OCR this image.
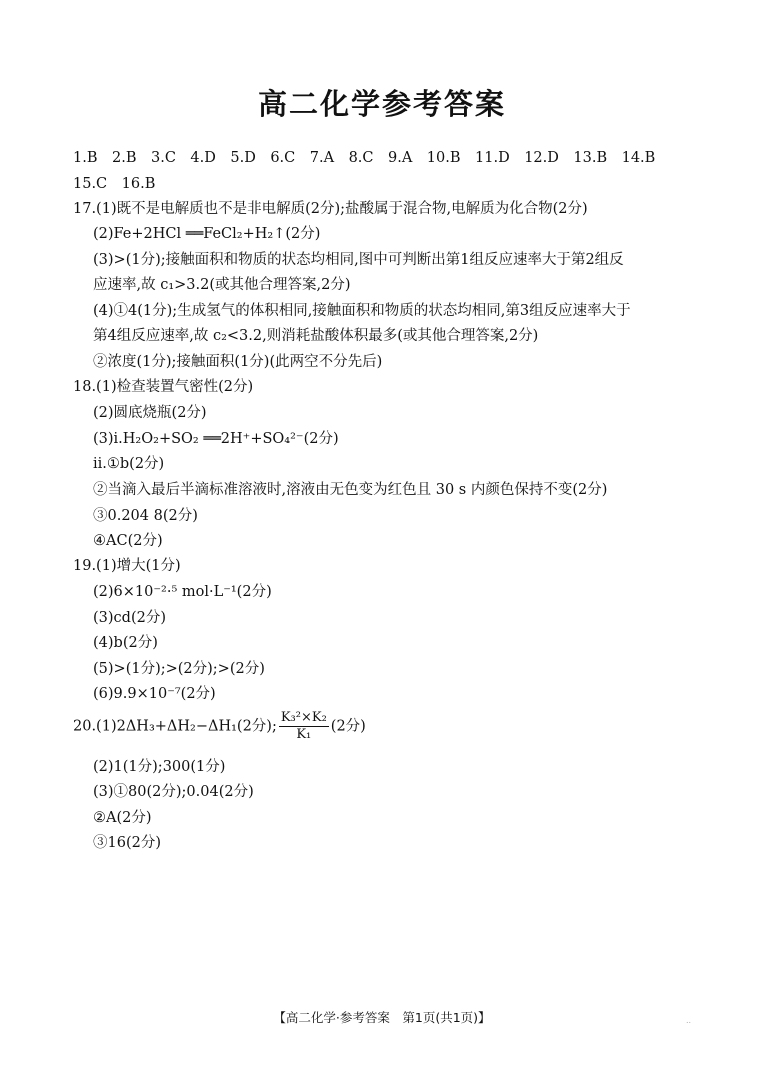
高二化学参考答案
1.B　2.B　3.C　4.D　5.D　6.C　7.A　8.C　9.A　10.B　11.D　12.D　13.B　14.B
15.C　16.B
17.(1)既不是电解质也不是非电解质(2分);盐酸属于混合物,电解质为化合物(2分)
(2)Fe+2HCl ══FeCl₂+H₂↑(2分)
(3)>(1分);接触面积和物质的状态均相同,图中可判断出第1组反应速率大于第2组反
应速率,故 c₁>3.2(或其他合理答案,2分)
(4)①4(1分);生成氢气的体积相同,接触面积和物质的状态均相同,第3组反应速率大于
第4组反应速率,故 c₂<3.2,则消耗盐酸体积最多(或其他合理答案,2分)
②浓度(1分);接触面积(1分)(此两空不分先后)
18.(1)检查装置气密性(2分)
(2)圆底烧瓶(2分)
(3)ⅰ.H₂O₂+SO₂ ══2H⁺+SO₄²⁻(2分)
ⅱ.①b(2分)
②当滴入最后半滴标准溶液时,溶液由无色变为红色且 30 s 内颜色保持不变(2分)
③0.204 8(2分)
④AC(2分)
19.(1)增大(1分)
(2)6×10⁻²·⁵ mol·L⁻¹(2分)
(3)cd(2分)
(4)b(2分)
(5)>(1分);>(2分);>(2分)
(6)9.9×10⁻⁷(2分)
20.(1)2ΔH₃+ΔH₂−ΔH₁(2分); $\frac{\text{K₃²×K₂}}{\text{K₁}} (2$分)
(2)1(1分);300(1分)
(3)①80(2分);0.04(2分)
②A(2分)
③16(2分)
【高二化学·参考答案　第1页(共1页)】	..
